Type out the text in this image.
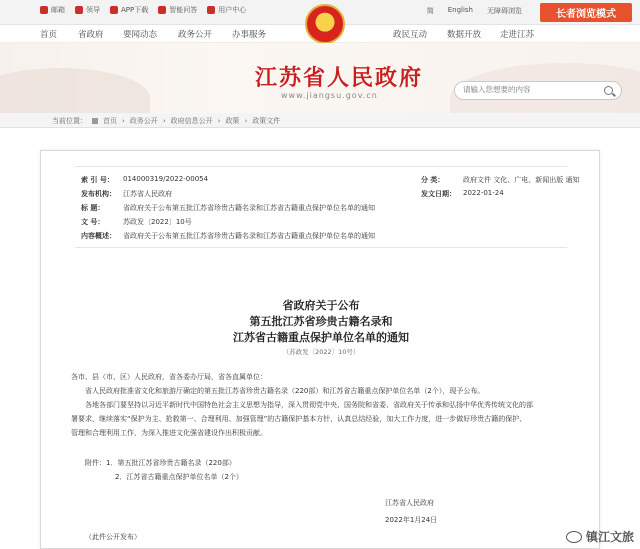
邮箱	领导	APP下载	智能问答	用户中心	简 English 无障碍浏览	长者浏览模式
首页 省政府 要闻动态 政务公开 办事服务	政民互动 数据开放 走进江苏
★
江苏省人民政府
www.jiangsu.gov.cn
请输入您想要的内容
当前位置： 首页 › 政务公开 › 政府信息公开 › 政策 › 政策文件
索 引 号：	014000319/2022-00054	分 类：	政府文件 文化、广电、新闻出版 通知
发布机构：	江苏省人民政府	发文日期：	2022-01-24
标 题：	省政府关于公布第五批江苏省珍贵古籍名录和江苏省古籍重点保护单位名单的通知
文 号：	苏政发〔2022〕10号
内容概述：	省政府关于公布第五批江苏省珍贵古籍名录和江苏省古籍重点保护单位名单的通知
省政府关于公布
第五批江苏省珍贵古籍名录和
江苏省古籍重点保护单位名单的通知
（苏政发〔2022〕10号）
各市、县（市、区）人民政府，省各委办厅局，省各直属单位：
省人民政府批准省文化和旅游厅确定的第五批江苏省珍贵古籍名录（220部）和江苏省古籍重点保护单位名单（2个），现予公布。
各地各部门要坚持以习近平新时代中国特色社会主义思想为指导，深入贯彻党中央、国务院和省委、省政府关于传承和弘扬中华优秀传统文化的部
署要求，继续落实“保护为主、抢救第一、合理利用、加强管理”的古籍保护基本方针，认真总结经验，加大工作力度，进一步做好珍贵古籍的保护、
管理和合理利用工作，为深入推进文化强省建设作出积极贡献。
附件：1．第五批江苏省珍贵古籍名录（220部）
2．江苏省古籍重点保护单位名单（2个）
江苏省人民政府
2022年1月24日
（此件公开发布）	镇江文旅
